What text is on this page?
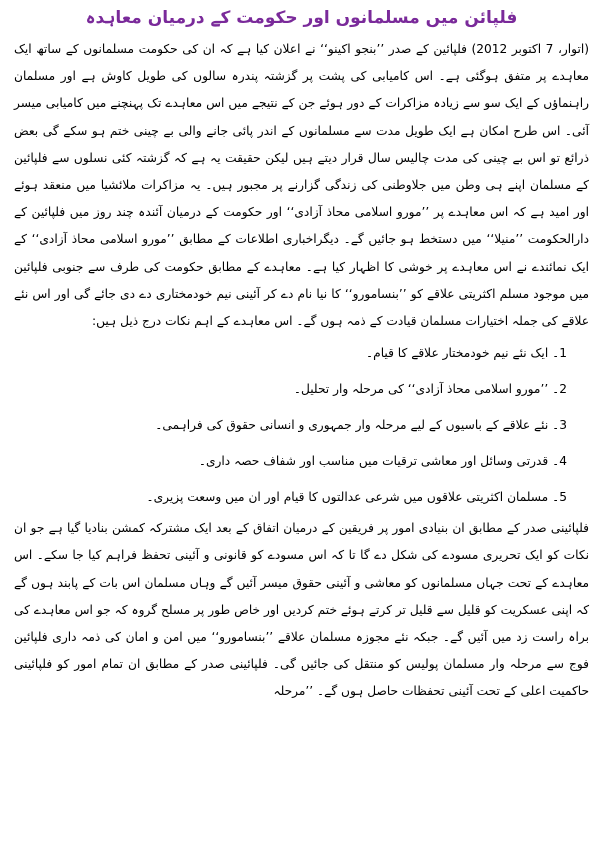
فلپائن میں مسلمانوں اور حکومت کے درمیان معاہدہ

(اتوار، 7 اکتوبر 2012) فلپائین کے صدر ’’بنجو اکینو‘‘ نے اعلان کیا ہے کہ ان کی حکومت مسلمانوں کے ساتھ ایک معاہدے پر متفق ہوگئی ہے۔ اس کامیابی کی پشت پر گزشتہ پندرہ سالوں کی طویل کاوش ہے اور مسلمان راہنماؤں کے ایک سو سے زیادہ مزاکرات کے دور ہوئے جن کے نتیجے میں اس معاہدے تک پہنچنے میں کامیابی میسر آئی۔ اس طرح امکان ہے ایک طویل مدت سے مسلمانوں کے اندر پائی جانے والی بے چینی ختم ہو سکے گی بعض ذرائع تو اس بے چینی کی مدت چالیس سال قرار دیتے ہیں لیکن حقیقت یہ ہے کہ گزشتہ کئی نسلوں سے فلپائین کے مسلمان اپنے ہی وطن میں جلاوطنی کی زندگی گزارنے پر مجبور ہیں۔ یہ مزاکرات ملائشیا میں منعقد ہوئے اور امید ہے کہ اس معاہدے پر ’’مورو اسلامی محاذ آزادی‘‘ اور حکومت کے درمیان آئندہ چند روز میں فلپائین کے دارالحکومت ’’منیلا‘‘ میں دستخط ہو جائیں گے۔ دیگراخباری اطلاعات کے مطابق ’’مورو اسلامی محاذ آزادی‘‘ کے ایک نمائندے نے اس معاہدے پر خوشی کا اظہار کیا ہے۔ معاہدے کے مطابق حکومت کی طرف سے جنوبی فلپائین میں موجود مسلم اکثریتی علاقے کو ’’بنسامورو‘‘ کا نیا نام دے کر آئینی نیم خودمختاری دے دی جائے گی اور اس نئے علاقے کی جملہ اختیارات مسلمان قیادت کے ذمہ ہوں گے۔ اس معاہدے کے اہم نکات درج ذیل ہیں:

1۔ ایک نئے نیم خودمختار علاقے کا قیام۔
2۔ ’’مورو اسلامی محاذ آزادی‘‘ کی مرحلہ وار تحلیل۔
3۔ نئے علاقے کے باسیوں کے لیے مرحلہ وار جمہوری و انسانی حقوق کی فراہمی۔
4۔ قدرتی وسائل اور معاشی ترقیات میں مناسب اور شفاف حصہ داری۔
5۔ مسلمان اکثریتی علاقوں میں شرعی عدالتوں کا قیام اور ان میں وسعت پزیری۔

فلپائینی صدر کے مطابق ان بنیادی امور پر فریقین کے درمیان اتفاق کے بعد ایک مشترکہ کمشن بنادیا گیا ہے جو ان نکات کو ایک تحریری مسودے کی شکل دے گا تا کہ اس مسودے کو قانونی و آئینی تحفظ فراہم کیا جا سکے۔ اس معاہدے کے تحت جہاں مسلمانوں کو معاشی و آئینی حقوق میسر آئیں گے وہاں مسلمان اس بات کے پابند ہوں گے کہ اپنی عسکریت کو قلیل سے قلیل تر کرتے ہوئے ختم کردیں اور خاص طور پر مسلح گروہ کہ جو اس معاہدے کی براہ راست زد میں آئیں گے۔ جبکہ نئے مجوزہ مسلمان علاقے ’’بنسامورو‘‘ میں امن و امان کی ذمہ داری فلپائین فوج سے مرحلہ وار مسلمان پولیس کو منتقل کی جائیں گی۔ فلپائینی صدر کے مطابق ان تمام امور کو فلپائینی حاکمیت اعلی کے تحت آئینی تحفظات حاصل ہوں گے۔ ’’مرحلہ
